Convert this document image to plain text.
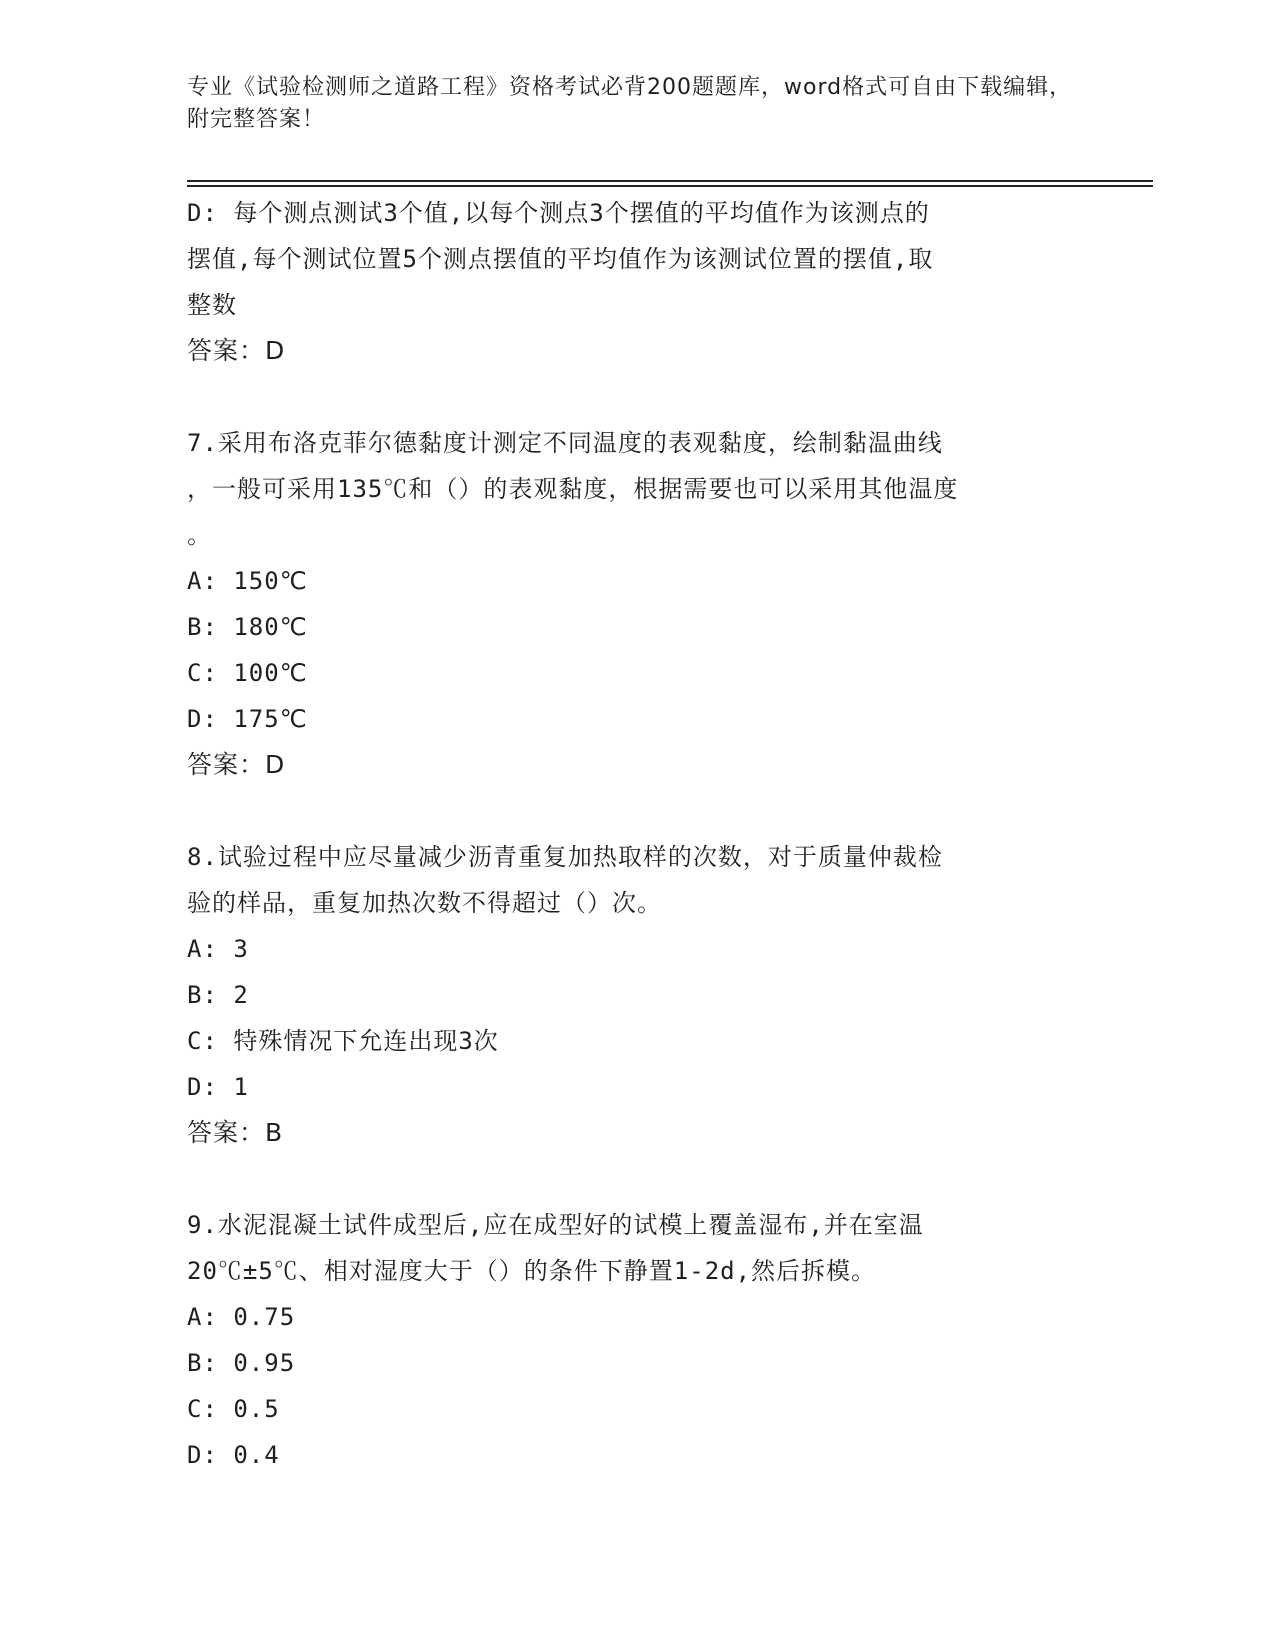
专业《试验检测师之道路工程》资格考试必背200题题库，word格式可自由下载编辑，附完整答案！

D: 每个测点测试3个值,以每个测点3个摆值的平均值作为该测点的

摆值,每个测试位置5个测点摆值的平均值作为该测试位置的摆值,取

整数

答案：D

7.采用布洛克菲尔德黏度计测定不同温度的表观黏度，绘制黏温曲线

，一般可采用135℃和（）的表观黏度，根据需要也可以采用其他温度

。

A: 150℃

B: 180℃

C: 100℃

D: 175℃

答案：D

8.试验过程中应尽量减少沥青重复加热取样的次数，对于质量仲裁检

验的样品，重复加热次数不得超过（）次。

A: 3

B: 2

C: 特殊情况下允连出现3次

D: 1

答案：B

9.水泥混凝土试件成型后,应在成型好的试模上覆盖湿布,并在室温

20℃±5℃、相对湿度大于（）的条件下静置1-2d,然后拆模。

A: 0.75

B: 0.95

C: 0.5

D: 0.4
